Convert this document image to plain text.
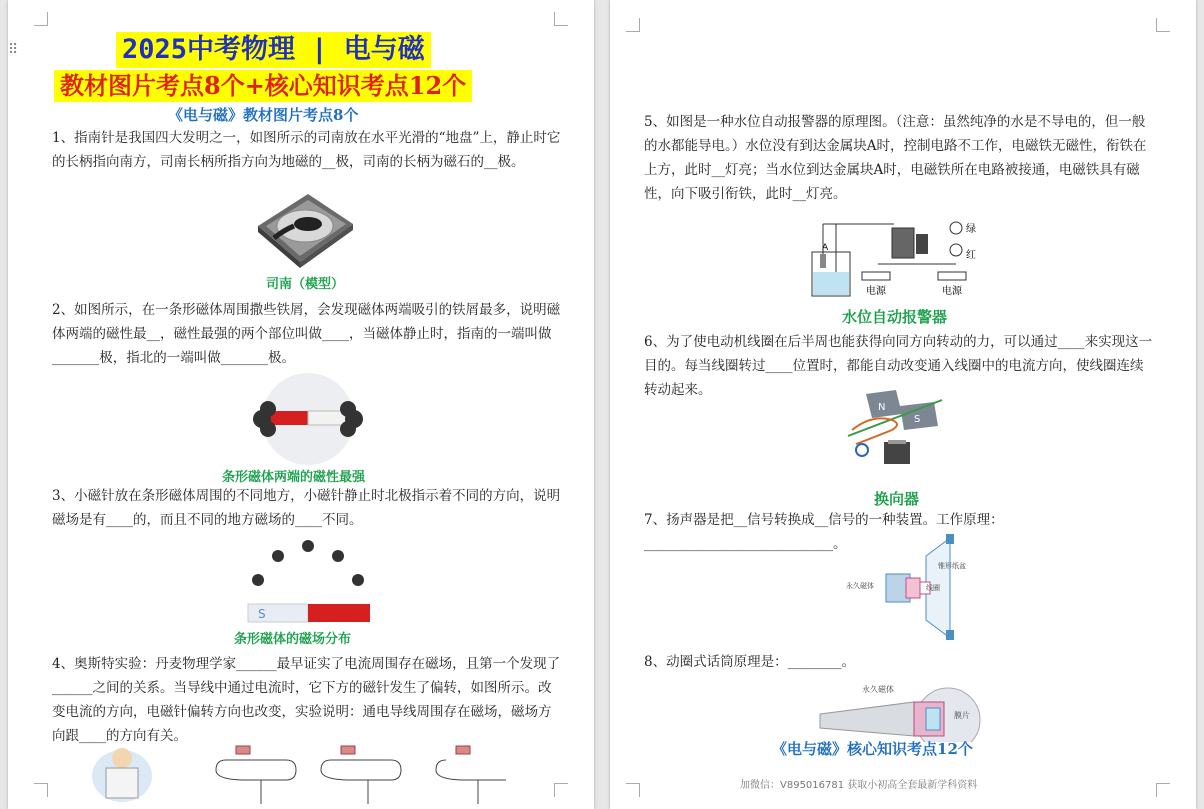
2025中考物理 | 电与磁
教材图片考点8个+核心知识考点12个
《电与磁》教材图片考点8个
1、指南针是我国四大发明之一，如图所示的司南放在水平光滑的“地盘”上，静止时它的长柄指向南方，司南长柄所指方向为地磁的__极，司南的长柄为磁石的__极。
司南（模型）
2、如图所示，在一条形磁体周围撒些铁屑，会发现磁体两端吸引的铁屑最多，说明磁体两端的磁性最__，磁性最强的两个部位叫做____，当磁体静止时，指南的一端叫做_______极，指北的一端叫做_______极。
条形磁体两端的磁性最强
3、小磁针放在条形磁体周围的不同地方，小磁针静止时北极指示着不同的方向，说明磁场是有____的，而且不同的地方磁场的____不同。
S
条形磁体的磁场分布
4、奥斯特实验：丹麦物理学家______最早证实了电流周围存在磁场，且第一个发现了______之间的关系。当导线中通过电流时，它下方的磁针发生了偏转，如图所示。改变电流的方向，电磁针偏转方向也改变，实验说明：通电导线周围存在磁场，磁场方向跟____的方向有关。
⠿
5、如图是一种水位自动报警器的原理图。（注意：虽然纯净的水是不导电的，但一般的水都能导电。）水位没有到达金属块A时，控制电路不工作，电磁铁无磁性，衔铁在上方，此时__灯亮；当水位到达金属块A时，电磁铁所在电路被接通，电磁铁具有磁性，向下吸引衔铁，此时__灯亮。
A
绿
红
电源	电源
水位自动报警器
6、为了使电动机线圈在后半周也能获得向同方向转动的力，可以通过____来实现这一目的。每当线圈转过____位置时，都能自动改变通入线圈中的电流方向，使线圈连续转动起来。
N
S
换向器
7、扬声器是把__信号转换成__信号的一种装置。工作原理：____________________________。
永久磁体
锥形纸盆
线圈
8、动圈式话筒原理是：________。
永久磁体
膜片
《电与磁》核心知识考点12个
加微信：V895016781 获取小初高全套最新学科资料
